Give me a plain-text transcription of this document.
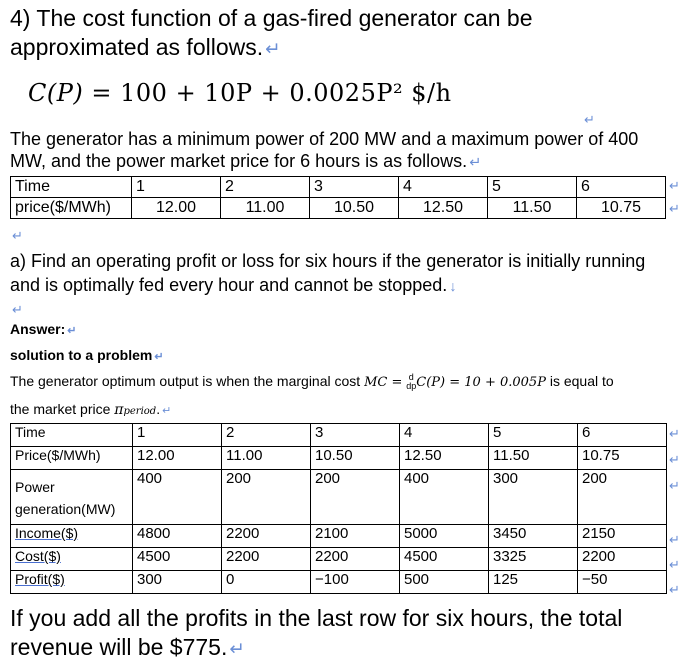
4) The cost function of a gas-fired generator can be approximated as follows. ↵
C(P) = 100 + 10P + 0.0025P² $/h
↵
The generator has a minimum power of 200 MW and a maximum power of 400 MW, and the power market price for 6 hours is as follows. ↵
Time	1	2	3	4	5	6
price($/MWh)	12.00	11.00	10.50	12.50	11.50	10.75
↵
↵
↵
a) Find an operating profit or loss for six hours if the generator is initially running and is optimally fed every hour and cannot be stopped. ↓
↵
Answer: ↵
solution to a problem ↵
The generator optimum output is when the marginal cost MC = d
dpC(P) = 10 + 0.005P is equal to
the market price πperiod. ↵
Time	1	2	3	4	5	6
Price($/MWh)	12.00	11.00	10.50	12.50	11.50	10.75
Power generation(MW)	400	200	200	400	300	200
Income($)	4800	2200	2100	5000	3450	2150
Cost($)	4500	2200	2200	4500	3325	2200
Profit($)	300	0	−100	500	125	−50
↵
↵
↵
↵
↵
↵
If you add all the profits in the last row for six hours, the total revenue will be $775. ↵
